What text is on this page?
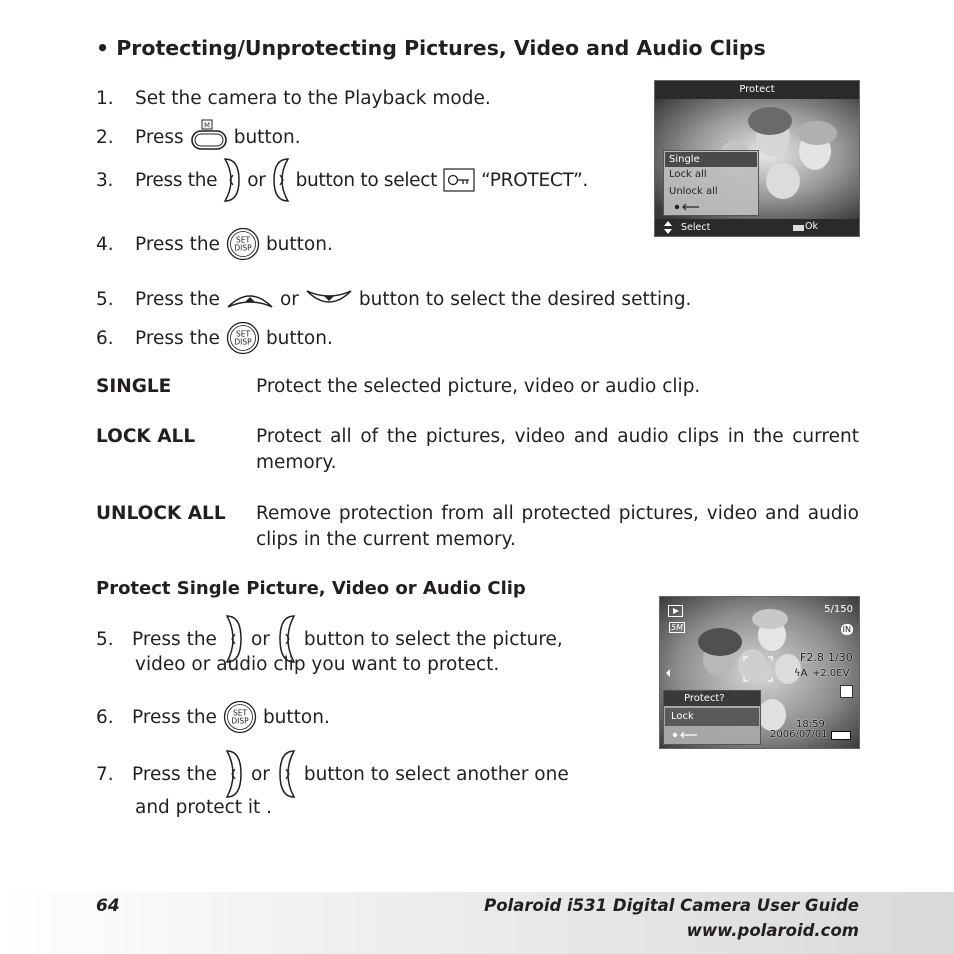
• Protecting/Unprotecting Pictures, Video and Audio Clips
1.	Set the camera to the Playback mode.
2.	Press
M
button.
3.	Press the or button to select “PROTECT”.
4.	Press the SET
DISP button.
5.	Press the	or	button to select the desired setting.
6.	Press the SET
DISP button.
SINGLE	Protect the selected picture, video or audio clip.
LOCK ALL	Protect all of the pictures, video and audio clips in the current memory.
UNLOCK ALL Remove protection from all protected pictures, video and audio clips in the current memory.
Protect Single Picture, Video or Audio Clip
5. Press the or button to select the picture,
video or audio clip you want to protect.
6. Press the SET
DISP button.
7. Press the or button to select another one
and protect it .
Protect
Single
Lock all
Unlock all
Select	Ok
5/150
5M	IN
F2.8 1/30
ϟA +2.0EV
Protect?
Lock
18:59
2006/07/01
64	Polaroid i531 Digital Camera User Guide
www.polaroid.com
